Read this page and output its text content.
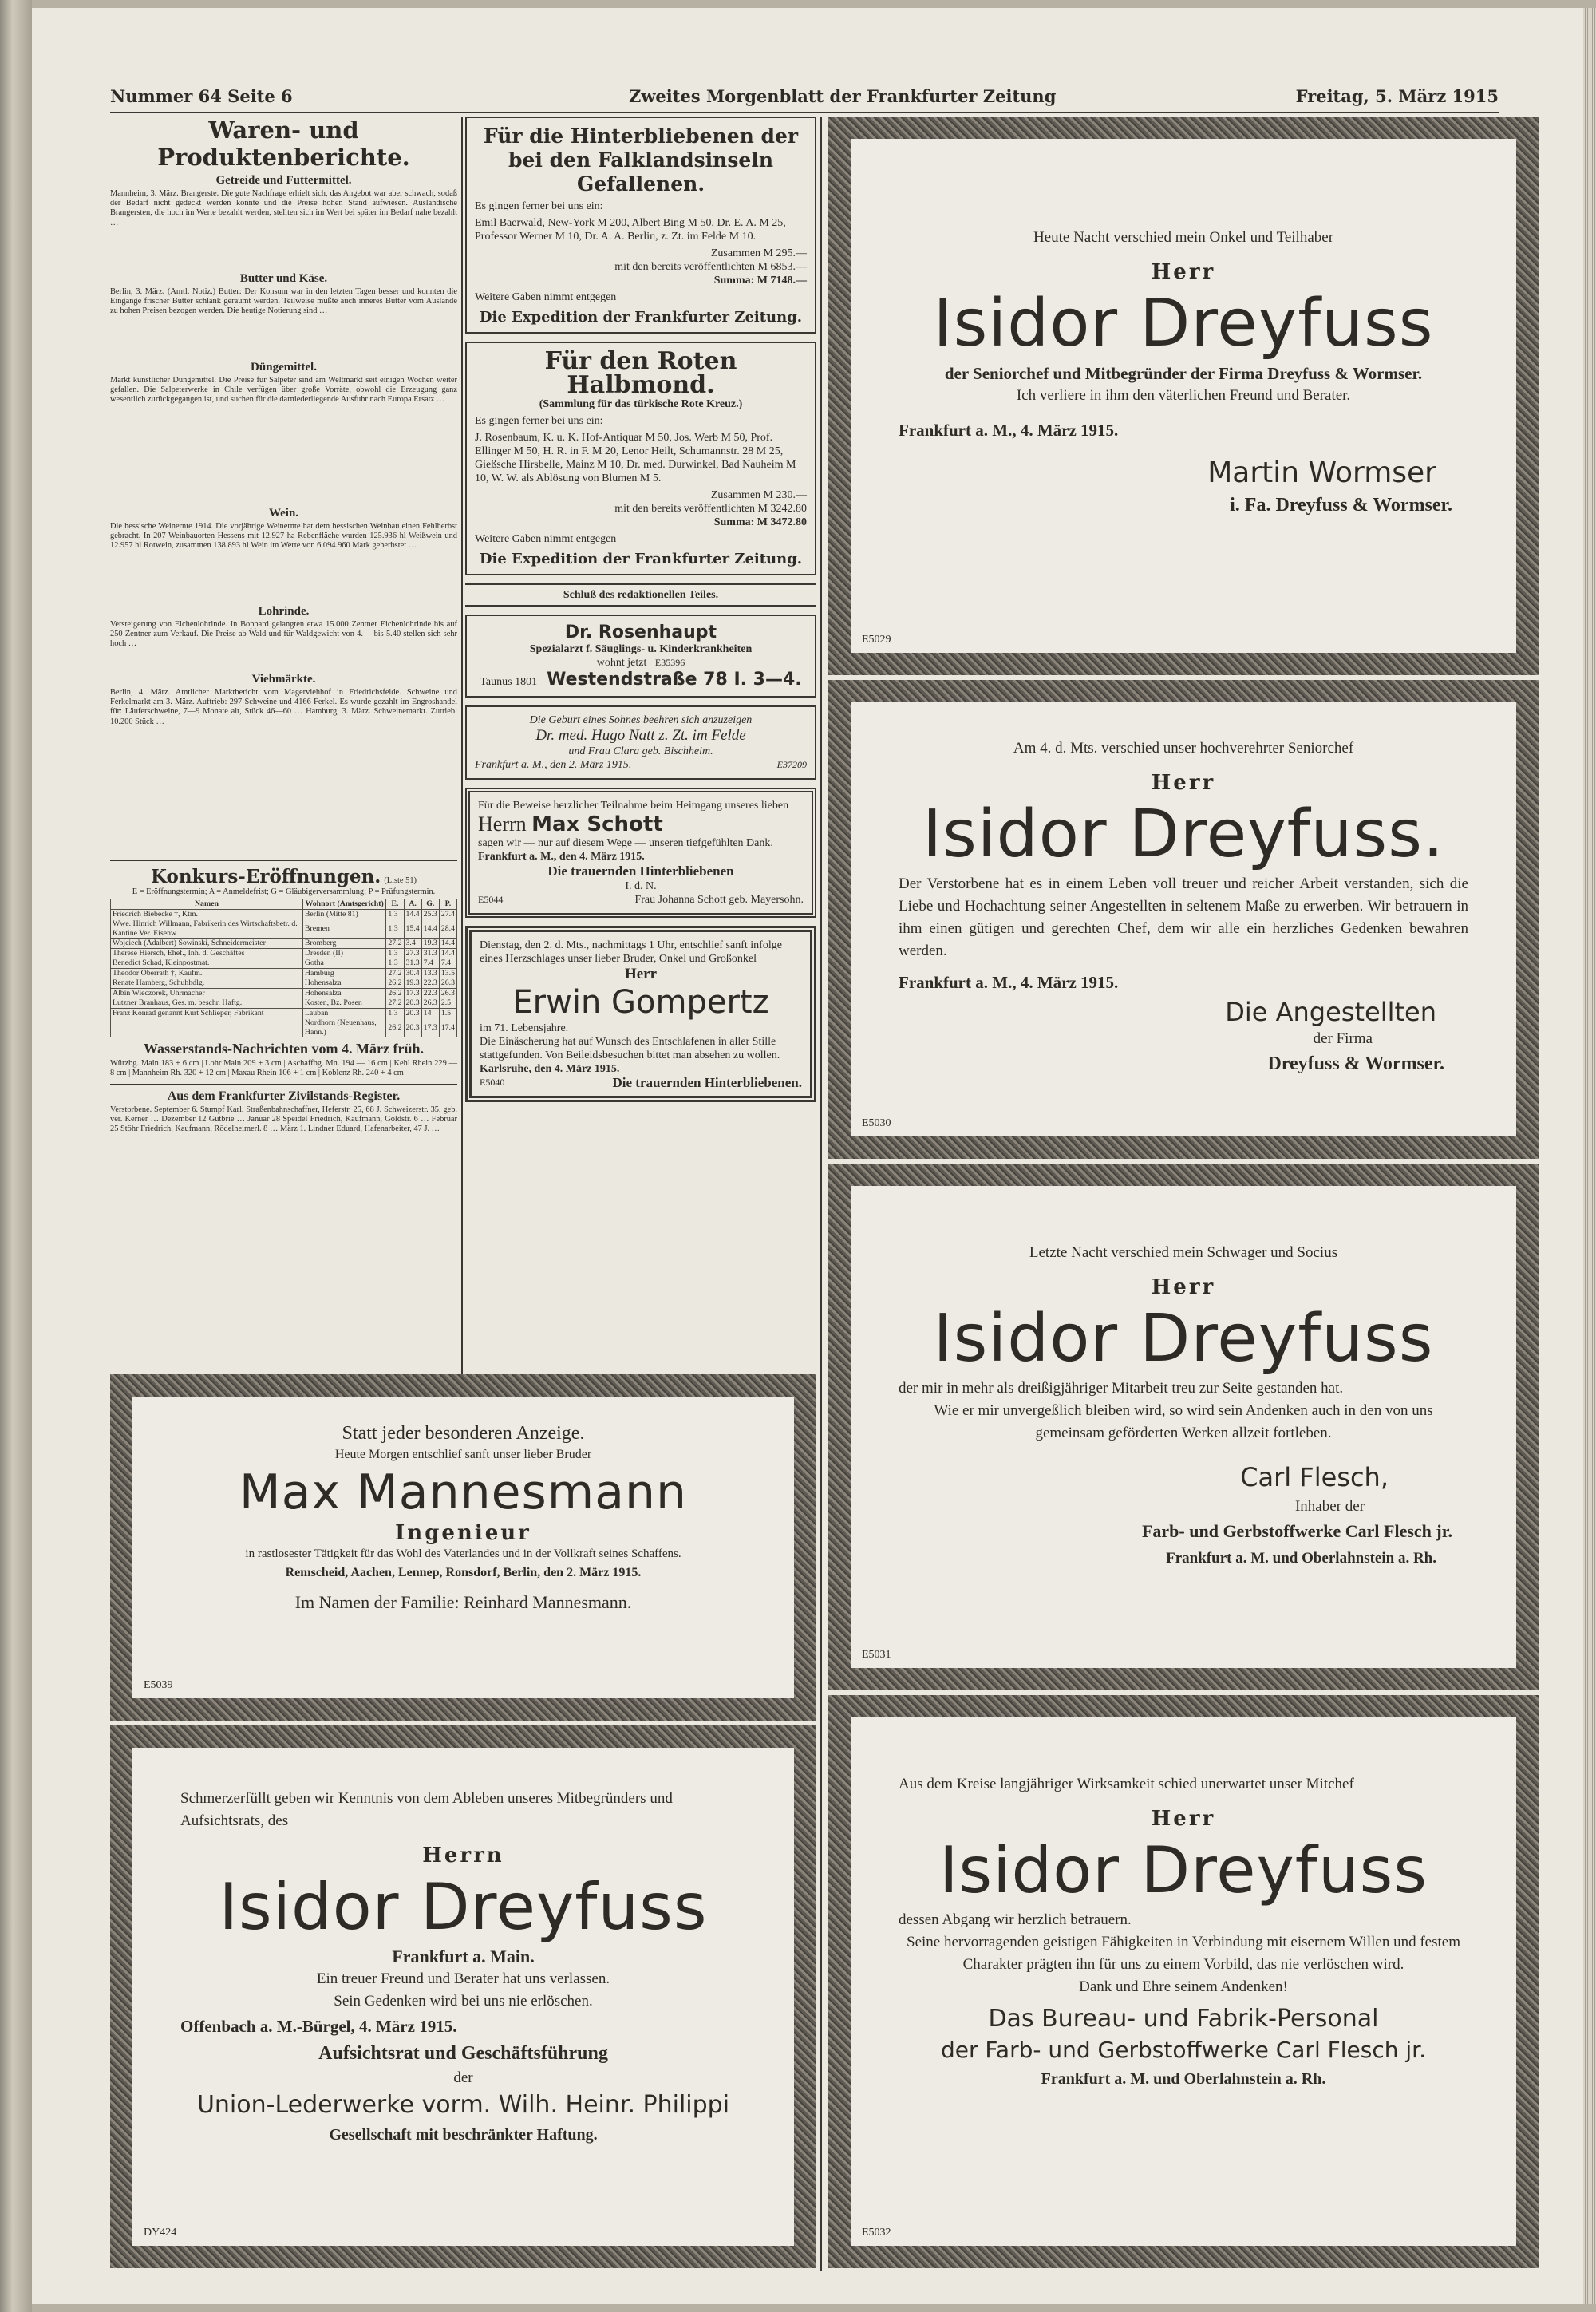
Nummer 64 Seite 6	Zweites Morgenblatt der Frankfurter Zeitung	Freitag, 5. März 1915
Waren- und Produktenberichte.
Getreide und Futtermittel.

Mannheim, 3. März. Brangerste. Die gute Nachfrage erhielt sich, das Angebot war aber schwach, sodaß der Bedarf nicht gedeckt werden konnte und die Preise hohen Stand aufwiesen. Ausländische Brangersten, die hoch im Werte bezahlt werden, stellten sich im Wert bei später im Bedarf nahe bezahlt …

Butter und Käse.

Berlin, 3. März. (Amtl. Notiz.) Butter: Der Konsum war in den letzten Tagen besser und konnten die Eingänge frischer Butter schlank geräumt werden. Teilweise mußte auch inneres Butter vom Auslande zu hohen Preisen bezogen werden. Die heutige Notierung sind …

Düngemittel.

Markt künstlicher Düngemittel. Die Preise für Salpeter sind am Weltmarkt seit einigen Wochen weiter gefallen. Die Salpeterwerke in Chile verfügen über große Vorräte, obwohl die Erzeugung ganz wesentlich zurückgegangen ist, und suchen für die darniederliegende Ausfuhr nach Europa Ersatz …

Wein.

Die hessische Weinernte 1914. Die vorjährige Weinernte hat dem hessischen Weinbau einen Fehlherbst gebracht. In 207 Weinbauorten Hessens mit 12.927 ha Rebenfläche wurden 125.936 hl Weißwein und 12.957 hl Rotwein, zusammen 138.893 hl Wein im Werte von 6.094.960 Mark geherbstet …

Lohrinde.

Versteigerung von Eichenlohrinde. In Boppard gelangten etwa 15.000 Zentner Eichenlohrinde bis auf 250 Zentner zum Verkauf. Die Preise ab Wald und für Waldgewicht von 4.— bis 5.40 stellen sich sehr hoch …

Viehmärkte.

Berlin, 4. März. Amtlicher Marktbericht vom Magerviehhof in Friedrichsfelde. Schweine und Ferkelmarkt am 3. März. Auftrieb: 297 Schweine und 4166 Ferkel. Es wurde gezahlt im Engroshandel für: Läuferschweine, 7—9 Monate alt, Stück 46—60 … Hamburg, 3. März. Schweinemarkt. Zutrieb: 10.200 Stück …

Konkurs-Eröffnungen. (Liste 51)

E = Eröffnungstermin; A = Anmeldefrist; G = Gläubigerversammlung; P = Prüfungstermin.

Namen	Wohnort (Amtsgericht)	E.	A.	G.	P.
Friedrich Biebecke †, Ktm.	Berlin (Mitte 81)	1.3	14.4	25.3	27.4
Wwe. Hinrich Willmann, Fabrikerin des Wirtschaftsbetr. d. Kantine Ver. Eisenw.	Bremen	1.3	15.4	14.4	28.4
Wojciech (Adalbert) Sowinski, Schneidermeister	Bromberg	27.2	3.4	19.3	14.4
Therese Hiersch, Ehef., Inh. d. Geschäftes	Dresden (II)	1.3	27.3	31.3	14.4
Benedict Schad, Kleinpostmat.	Gotha	1.3	31.3	7.4	7.4
Theodor Oberrath †, Kaufm.	Hamburg	27.2	30.4	13.3	13.5
Renate Hamberg, Schuhhdlg.	Hohensalza	26.2	19.3	22.3	26.3
Albin Wieczorek, Uhrmacher	Hohensalza	26.2	17.3	22.3	26.3
Lutzner Branhaus, Ges. m. beschr. Haftg.	Kosten, Bz. Posen	27.2	20.3	26.3	2.5
Franz Konrad genannt Kurt Schlieper, Fabrikant	Lauban	1.3	20.3	14	1.5
	Nordhorn (Neuenhaus, Hann.)	26.2	20.3	17.3	17.4
Wasserstands-Nachrichten vom 4. März früh.

Würzbg. Main 183 + 6 cm | Lohr Main 209 + 3 cm | Aschaffbg. Mn. 194 — 16 cm | Kehl Rhein 229 — 8 cm | Mannheim Rh. 320 + 12 cm | Maxau Rhein 106 + 1 cm | Koblenz Rh. 240 + 4 cm

Aus dem Frankfurter Zivilstands-Register.

Verstorbene. September 6. Stumpf Karl, Straßenbahnschaffner, Heferstr. 25, 68 J. Schweizerstr. 35, geb. ver. Kerner … Dezember 12 Gutbrie … Januar 28 Speidel Friedrich, Kaufmann, Goldstr. 6 … Februar 25 Stöhr Friedrich, Kaufmann, Rödelheimerl. 8 … März 1. Lindner Eduard, Hafenarbeiter, 47 J. …

Für die Hinterbliebenen der bei den Falklandsinseln Gefallenen.
Es gingen ferner bei uns ein:
Emil Baerwald, New-York M 200, Albert Bing M 50, Dr. E. A. M 25, Professor Werner M 10, Dr. A. A. Berlin, z. Zt. im Felde M 10.
Zusammen M 295.—
mit den bereits veröffentlichten M 6853.—
Summa: M 7148.—
Weitere Gaben nimmt entgegen
Die Expedition der Frankfurter Zeitung.
Für den Roten Halbmond.
(Sammlung für das türkische Rote Kreuz.)
Es gingen ferner bei uns ein:
J. Rosenbaum, K. u. K. Hof-Antiquar M 50, Jos. Werb M 50, Prof. Ellinger M 50, H. R. in F. M 20, Lenor Heilt, Schumannstr. 28 M 25, Gießsche Hirsbelle, Mainz M 10, Dr. med. Durwinkel, Bad Nauheim M 10, W. W. als Ablösung von Blumen M 5.
Zusammen M 230.—
mit den bereits veröffentlichten M 3242.80
Summa: M 3472.80
Weitere Gaben nimmt entgegen
Die Expedition der Frankfurter Zeitung.
Schluß des redaktionellen Teiles.
Dr. Rosenhaupt
Spezialarzt f. Säuglings- u. Kinderkrankheiten
wohnt jetzt E35396
Taunus 1801 Westendstraße 78 I. 3—4.
Die Geburt eines Sohnes beehren sich anzuzeigen
Dr. med. Hugo Natt z. Zt. im Felde
und Frau Clara geb. Bischheim.
Frankfurt a. M., den 2. März 1915.	E37209
Für die Beweise herzlicher Teilnahme beim Heimgang unseres lieben
Herrn Max Schott
sagen wir — nur auf diesem Wege — unseren tiefgefühlten Dank.
Frankfurt a. M., den 4. März 1915.
Die trauernden Hinterbliebenen
I. d. N.
E5044	Frau Johanna Schott geb. Mayersohn.
Dienstag, den 2. d. Mts., nachmittags 1 Uhr, entschlief sanft infolge eines Herzschlages unser lieber Bruder, Onkel und Großonkel
Herr
Erwin Gompertz
im 71. Lebensjahre.
Die Einäscherung hat auf Wunsch des Entschlafenen in aller Stille stattgefunden. Von Beileidsbesuchen bittet man absehen zu wollen.
Karlsruhe, den 4. März 1915.
E5040	Die trauernden Hinterbliebenen.
Heute Nacht verschied mein Onkel und Teilhaber
Herr
Isidor Dreyfuss
der Seniorchef und Mitbegründer der Firma Dreyfuss & Wormser.
Ich verliere in ihm den väterlichen Freund und Berater.
Frankfurt a. M., 4. März 1915.
Martin Wormser
i. Fa. Dreyfuss & Wormser.
E5029
Am 4. d. Mts. verschied unser hochverehrter Seniorchef
Herr
Isidor Dreyfuss.
Der Verstorbene hat es in einem Leben voll treuer und reicher Arbeit verstanden, sich die Liebe und Hochachtung seiner Angestellten in seltenem Maße zu erwerben. Wir betrauern in ihm einen gütigen und gerechten Chef, dem wir alle ein herzliches Gedenken bewahren werden.
Frankfurt a. M., 4. März 1915.
Die Angestellten
der Firma
Dreyfuss & Wormser.
E5030
Letzte Nacht verschied mein Schwager und Socius
Herr
Isidor Dreyfuss
der mir in mehr als dreißigjähriger Mitarbeit treu zur Seite gestanden hat.
Wie er mir unvergeßlich bleiben wird, so wird sein Andenken auch in den von uns gemeinsam geförderten Werken allzeit fortleben.
Carl Flesch,
Inhaber der
Farb- und Gerbstoffwerke Carl Flesch jr.
Frankfurt a. M. und Oberlahnstein a. Rh.
E5031
Statt jeder besonderen Anzeige.
Heute Morgen entschlief sanft unser lieber Bruder
Max Mannesmann
Ingenieur
in rastlosester Tätigkeit für das Wohl des Vaterlandes und in der Vollkraft seines Schaffens.
Remscheid, Aachen, Lennep, Ronsdorf, Berlin, den 2. März 1915.
Im Namen der Familie: Reinhard Mannesmann.
E5039
Schmerzerfüllt geben wir Kenntnis von dem Ableben unseres Mitbegründers und Aufsichtsrats, des
Herrn
Isidor Dreyfuss
Frankfurt a. Main.
Ein treuer Freund und Berater hat uns verlassen.
Sein Gedenken wird bei uns nie erlöschen.
Offenbach a. M.-Bürgel, 4. März 1915.
Aufsichtsrat und Geschäftsführung
der
Union-Lederwerke vorm. Wilh. Heinr. Philippi
Gesellschaft mit beschränkter Haftung.
DY424
Aus dem Kreise langjähriger Wirksamkeit schied unerwartet unser Mitchef
Herr
Isidor Dreyfuss
dessen Abgang wir herzlich betrauern.
Seine hervorragenden geistigen Fähigkeiten in Verbindung mit eisernem Willen und festem Charakter prägten ihn für uns zu einem Vorbild, das nie verlöschen wird.
Dank und Ehre seinem Andenken!
Das Bureau- und Fabrik-Personal
der Farb- und Gerbstoffwerke Carl Flesch jr.
Frankfurt a. M. und Oberlahnstein a. Rh.
E5032
